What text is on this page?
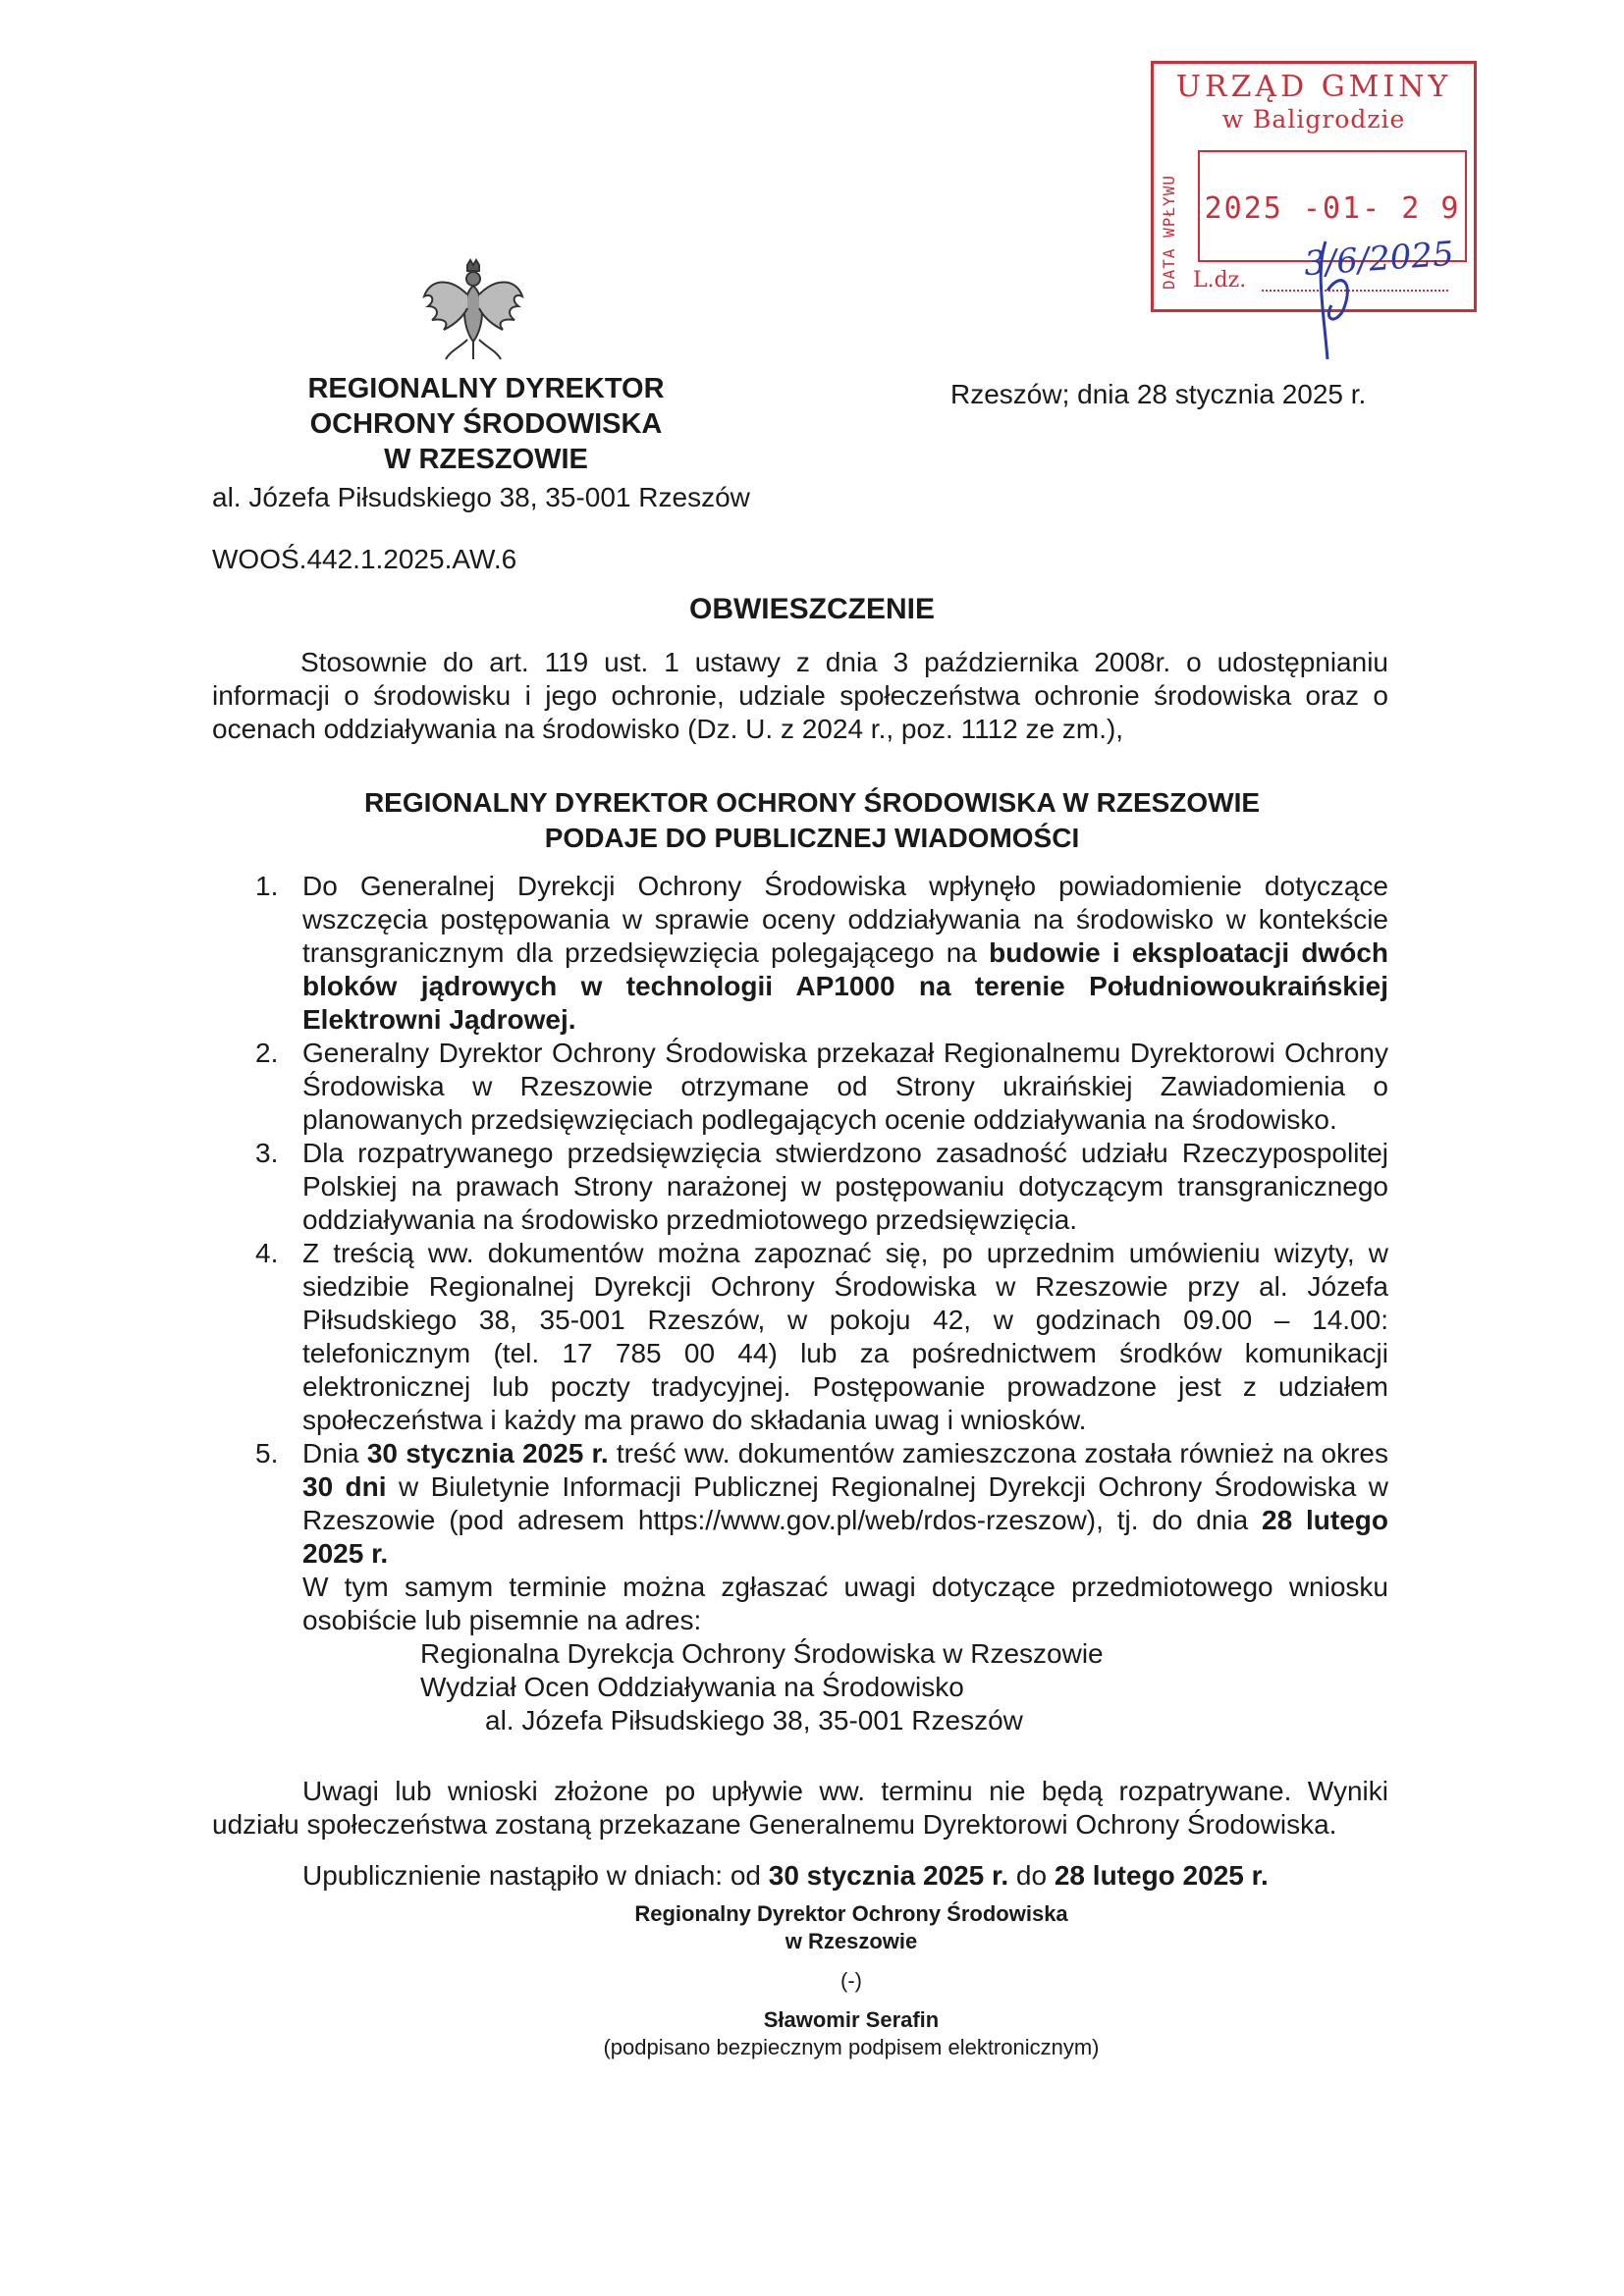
URZĄD GMINY
w Baligrodzie
DATA WPŁYWU 2025 -01- 2 9
L.dz. 3/6/2025
REGIONALNY DYREKTOR
OCHRONY ŚRODOWISKA
W RZESZOWIE
al. Józefa Piłsudskiego 38, 35-001 Rzeszów
Rzeszów; dnia 28 stycznia 2025 r.
WOOŚ.442.1.2025.AW.6
OBWIESZCZENIE
Stosownie do art. 119 ust. 1 ustawy z dnia 3 października 2008r. o udostępnianiu informacji o środowisku i jego ochronie, udziale społeczeństwa ochronie środowiska oraz o ocenach oddziaływania na środowisko (Dz. U. z 2024 r., poz. 1112 ze zm.),
REGIONALNY DYREKTOR OCHRONY ŚRODOWISKA W RZESZOWIE
PODAJE DO PUBLICZNEJ WIADOMOŚCI
1. Do Generalnej Dyrekcji Ochrony Środowiska wpłynęło powiadomienie dotyczące wszczęcia postępowania w sprawie oceny oddziaływania na środowisko w kontekście transgranicznym dla przedsięwzięcia polegającego na budowie i eksploatacji dwóch bloków jądrowych w technologii AP1000 na terenie Południowoukraińskiej Elektrowni Jądrowej.
2. Generalny Dyrektor Ochrony Środowiska przekazał Regionalnemu Dyrektorowi Ochrony Środowiska w Rzeszowie otrzymane od Strony ukraińskiej Zawiadomienia o planowanych przedsięwzięciach podlegających ocenie oddziaływania na środowisko.
3. Dla rozpatrywanego przedsięwzięcia stwierdzono zasadność udziału Rzeczypospolitej Polskiej na prawach Strony narażonej w postępowaniu dotyczącym transgranicznego oddziaływania na środowisko przedmiotowego przedsięwzięcia.
4. Z treścią ww. dokumentów można zapoznać się, po uprzednim umówieniu wizyty, w siedzibie Regionalnej Dyrekcji Ochrony Środowiska w Rzeszowie przy al. Józefa Piłsudskiego 38, 35-001 Rzeszów, w pokoju 42, w godzinach 09.00 – 14.00: telefonicznym (tel. 17 785 00 44) lub za pośrednictwem środków komunikacji elektronicznej lub poczty tradycyjnej. Postępowanie prowadzone jest z udziałem społeczeństwa i każdy ma prawo do składania uwag i wniosków.
5. Dnia 30 stycznia 2025 r. treść ww. dokumentów zamieszczona została również na okres 30 dni w Biuletynie Informacji Publicznej Regionalnej Dyrekcji Ochrony Środowiska w Rzeszowie (pod adresem https://www.gov.pl/web/rdos-rzeszow), tj. do dnia 28 lutego 2025 r.
W tym samym terminie można zgłaszać uwagi dotyczące przedmiotowego wniosku osobiście lub pisemnie na adres:
Regionalna Dyrekcja Ochrony Środowiska w Rzeszowie
Wydział Ocen Oddziaływania na Środowisko
al. Józefa Piłsudskiego 38, 35-001 Rzeszów
Uwagi lub wnioski złożone po upływie ww. terminu nie będą rozpatrywane. Wyniki udziału społeczeństwa zostaną przekazane Generalnemu Dyrektorowi Ochrony Środowiska.
Upublicznienie nastąpiło w dniach: od 30 stycznia 2025 r. do 28 lutego 2025 r.
Regionalny Dyrektor Ochrony Środowiska
w Rzeszowie
(-)
Sławomir Serafin
(podpisano bezpiecznym podpisem elektronicznym)
